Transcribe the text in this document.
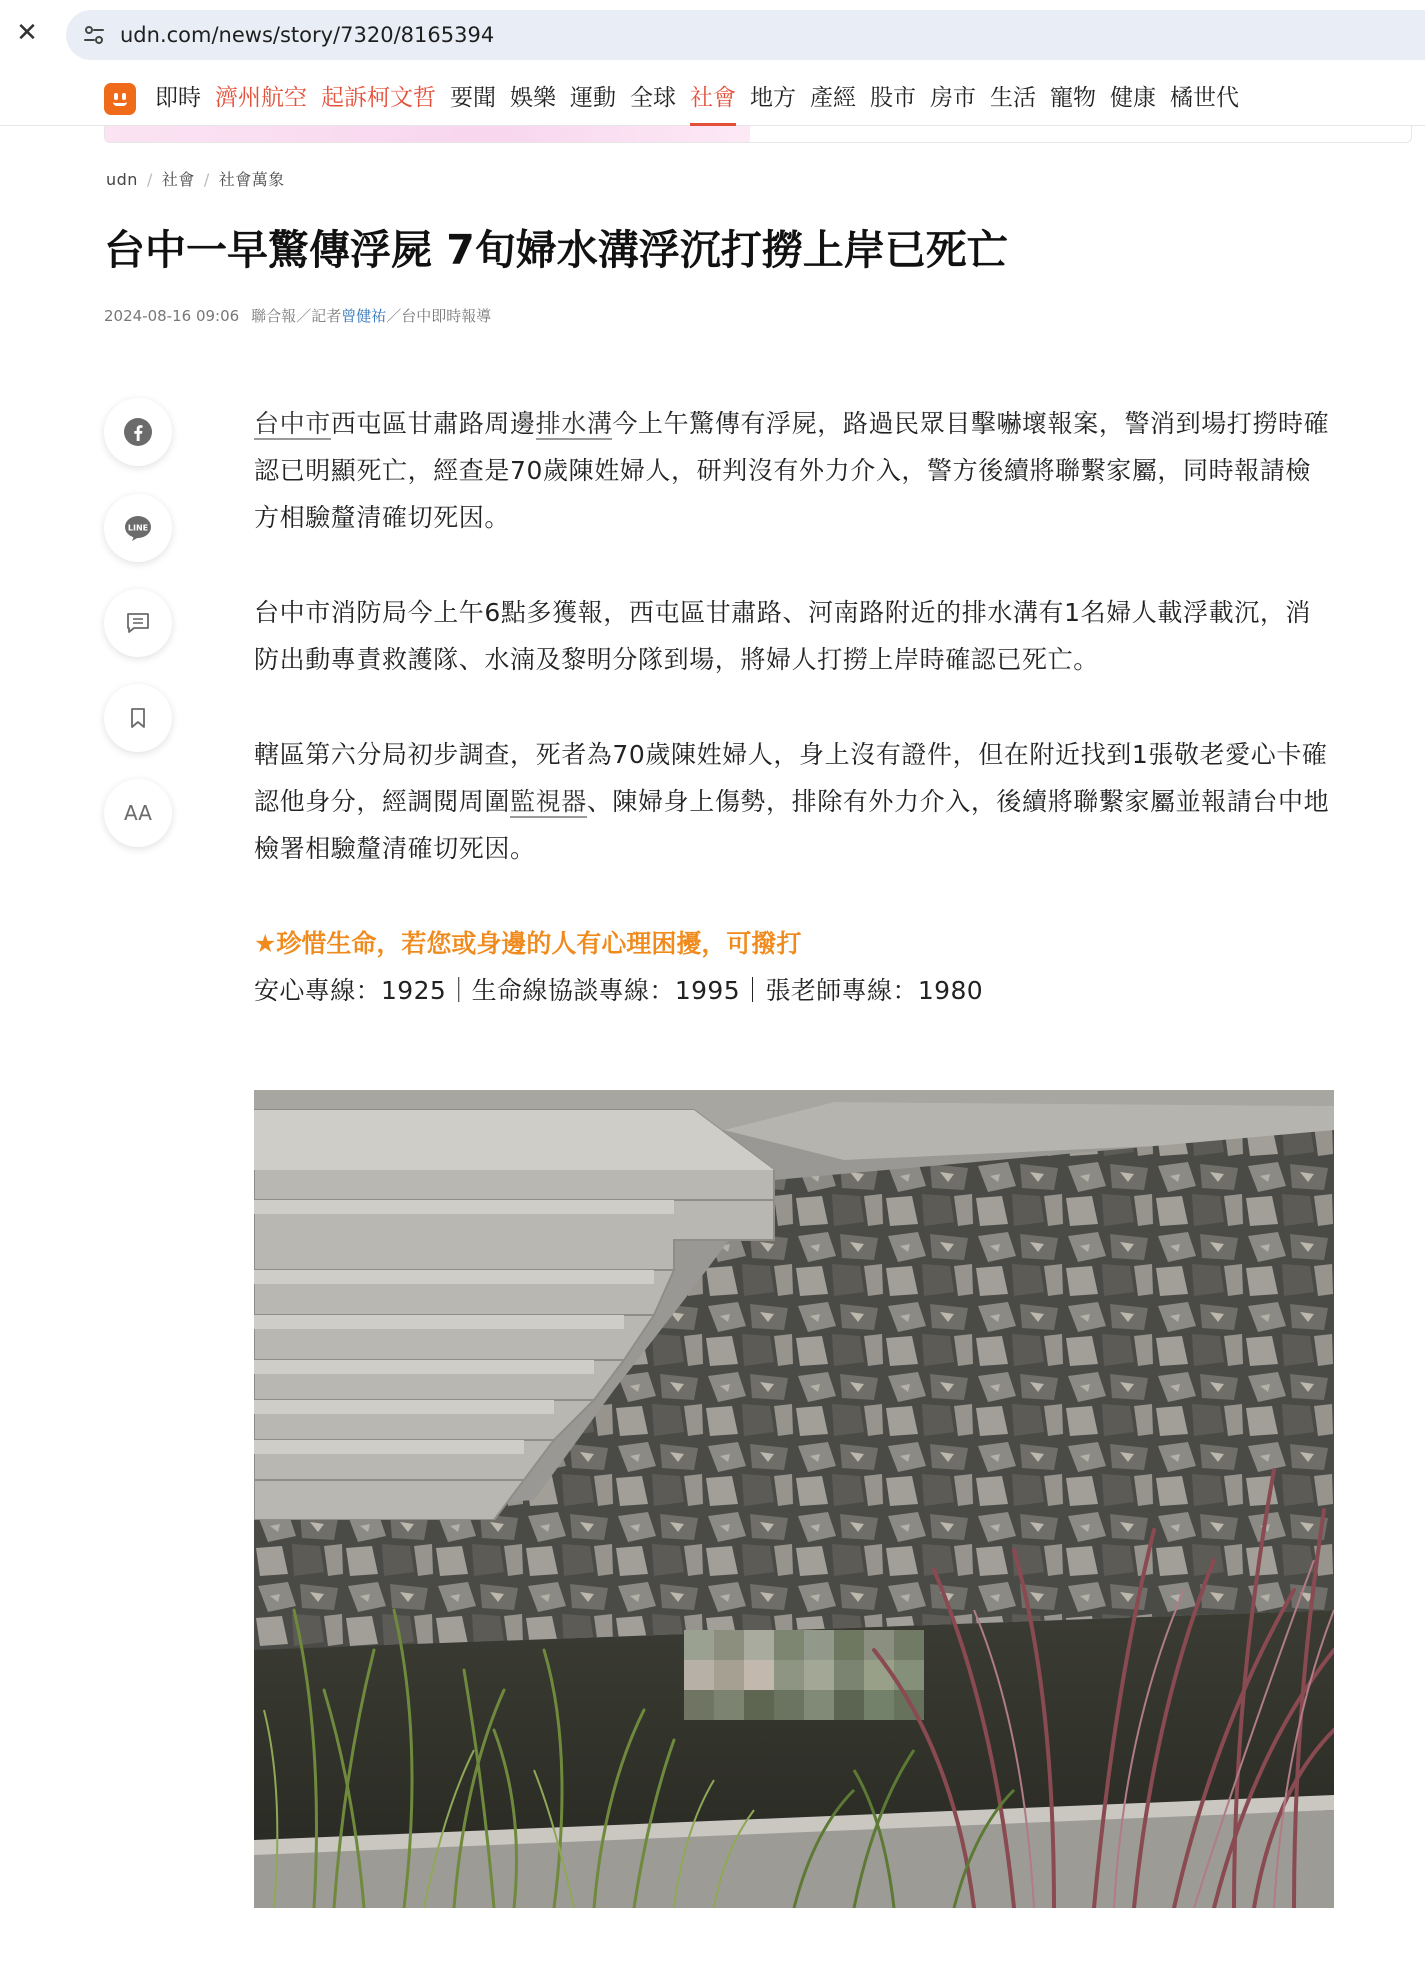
✕	udn.com/news/story/7320/8165394
即時 濟州航空 起訴柯文哲 要聞 娛樂 運動 全球 社會 地方 產經 股市 房市 生活 寵物 健康 橘世代
udn / 社會 / 社會萬象
台中一早驚傳浮屍 7旬婦水溝浮沉打撈上岸已死亡
2024-08-16 09:06 聯合報／記者曾健祐／台中即時報導
LINE
AA

台中市西屯區甘肅路周邊排水溝今上午驚傳有浮屍，路過民眾目擊嚇壞報案，警消到場打撈時確認已明顯死亡，經查是70歲陳姓婦人，研判沒有外力介入，警方後續將聯繫家屬，同時報請檢方相驗釐清確切死因。

台中市消防局今上午6點多獲報，西屯區甘肅路、河南路附近的排水溝有1名婦人載浮載沉，消防出動專責救護隊、水湳及黎明分隊到場，將婦人打撈上岸時確認已死亡。

轄區第六分局初步調查，死者為70歲陳姓婦人，身上沒有證件，但在附近找到1張敬老愛心卡確認他身分，經調閱周圍監視器、陳婦身上傷勢，排除有外力介入，後續將聯繫家屬並報請台中地檢署相驗釐清確切死因。

★珍惜生命，若您或身邊的人有心理困擾，可撥打
安心專線：1925｜生命線協談專線：1995｜張老師專線：1980
